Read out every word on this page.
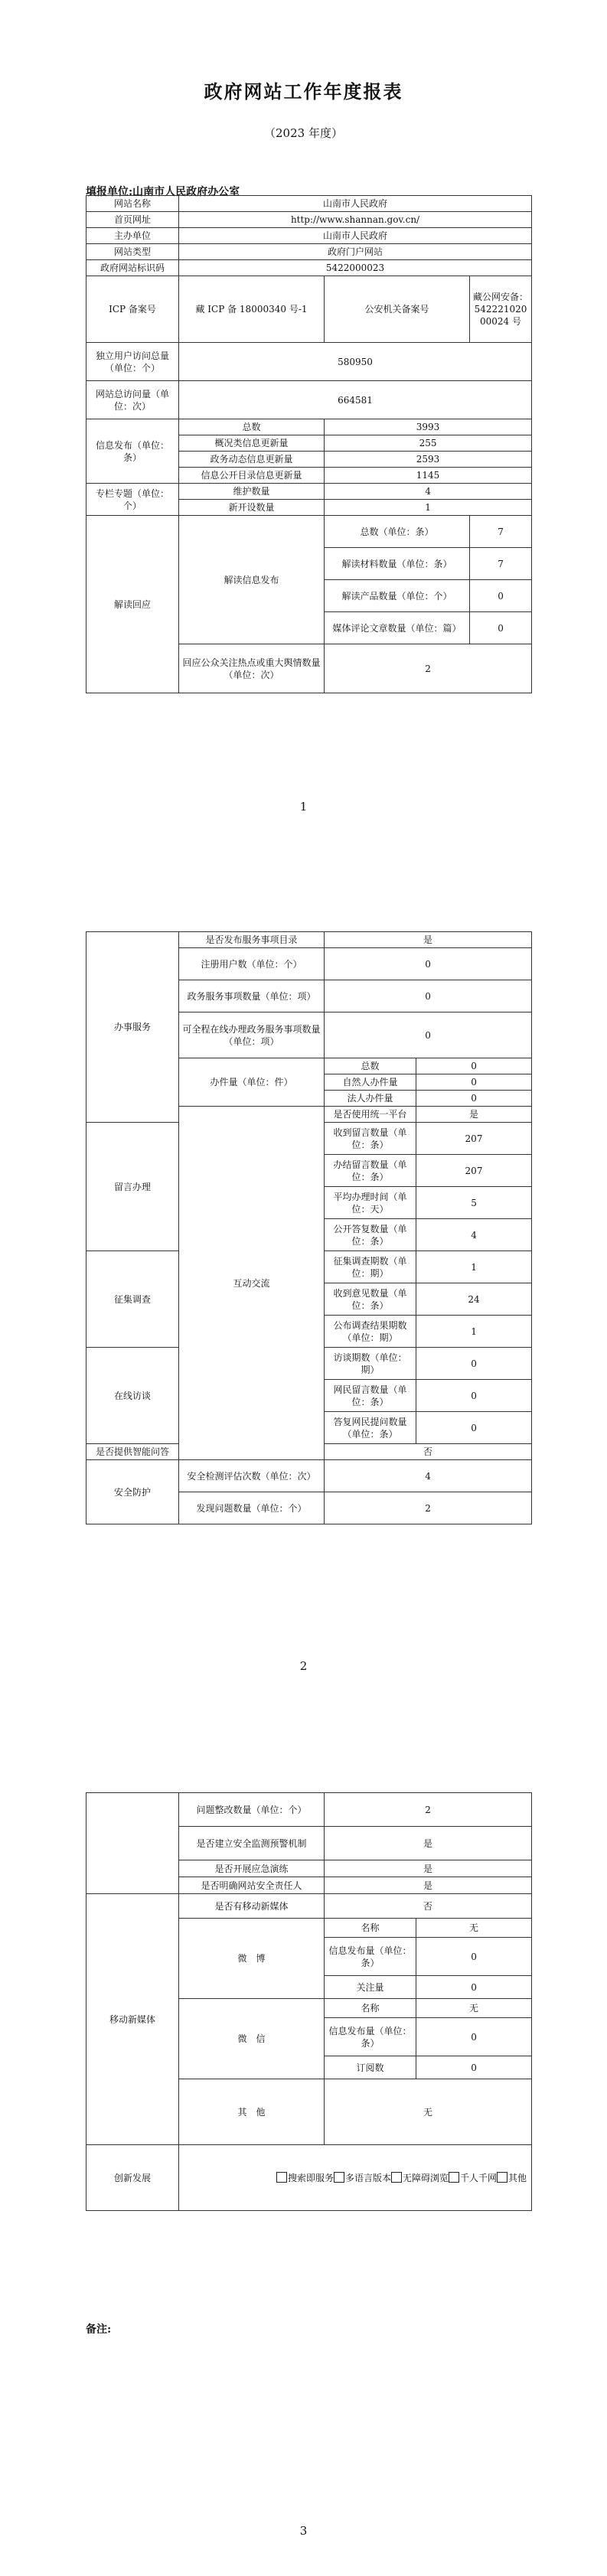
政府网站工作年度报表
（2023 年度）
填报单位:山南市人民政府办公室
网站名称	山南市人民政府		
首页网址	http://www.shannan.gov.cn/		
主办单位	山南市人民政府		
网站类型	政府门户网站		
政府网站标识码	5422000023		
ICP 备案号	藏 ICP 备 18000340 号-1	公安机关备案号	藏公网安备：54222102000024 号
独立用户访问总量（单位：个）	580950		
网站总访问量（单位：次）	664581		
信息发布（单位：条）	总数	3993	
	概况类信息更新量	255	
	政务动态信息更新量	2593	
	信息公开目录信息更新量	1145	
专栏专题（单位：个）	维护数量	4	
	新开设数量	1	
解读回应	解读信息发布	总数（单位：条）	7
		解读材料数量（单位：条）	7
		解读产品数量（单位：个）	0
		媒体评论文章数量（单位：篇）	0
	回应公众关注热点或重大舆情数量（单位：次）	2	
1
办事服务	是否发布服务事项目录	是	
	注册用户数（单位：个）	0	
	政务服务事项数量（单位：项）	0	
	可全程在线办理政务服务事项数量（单位：项）	0	
	办件量（单位：件）	总数	0
		自然人办件量	0
		法人办件量	0
	互动交流	是否使用统一平台	是
留言办理		收到留言数量（单位：条）	207
		办结留言数量（单位：条）	207
		平均办理时间（单位：天）	5
		公开答复数量（单位：条）	4
征集调查		征集调查期数（单位：期）	1
		收到意见数量（单位：条）	24
		公布调查结果期数（单位：期）	1
在线访谈		访谈期数（单位：期）	0
		网民留言数量（单位：条）	0
		答复网民提问数量（单位：条）	0
是否提供智能问答		否	
安全防护	安全检测评估次数（单位：次）	4	
	发现问题数量（单位：个）	2	
2
	问题整改数量（单位：个）	2	
	是否建立安全监测预警机制	是	
	是否开展应急演练	是	
	是否明确网站安全责任人	是	
移动新媒体	是否有移动新媒体	否	
	微　博	名称	无
		信息发布量（单位：条）	0
		关注量	0
	微　信	名称	无
		信息发布量（单位：条）	0
		订阅数	0
	其　他	无	
创新发展	搜索即服务 多语言版本 无障碍浏览 千人千网 其他		
备注:
3
